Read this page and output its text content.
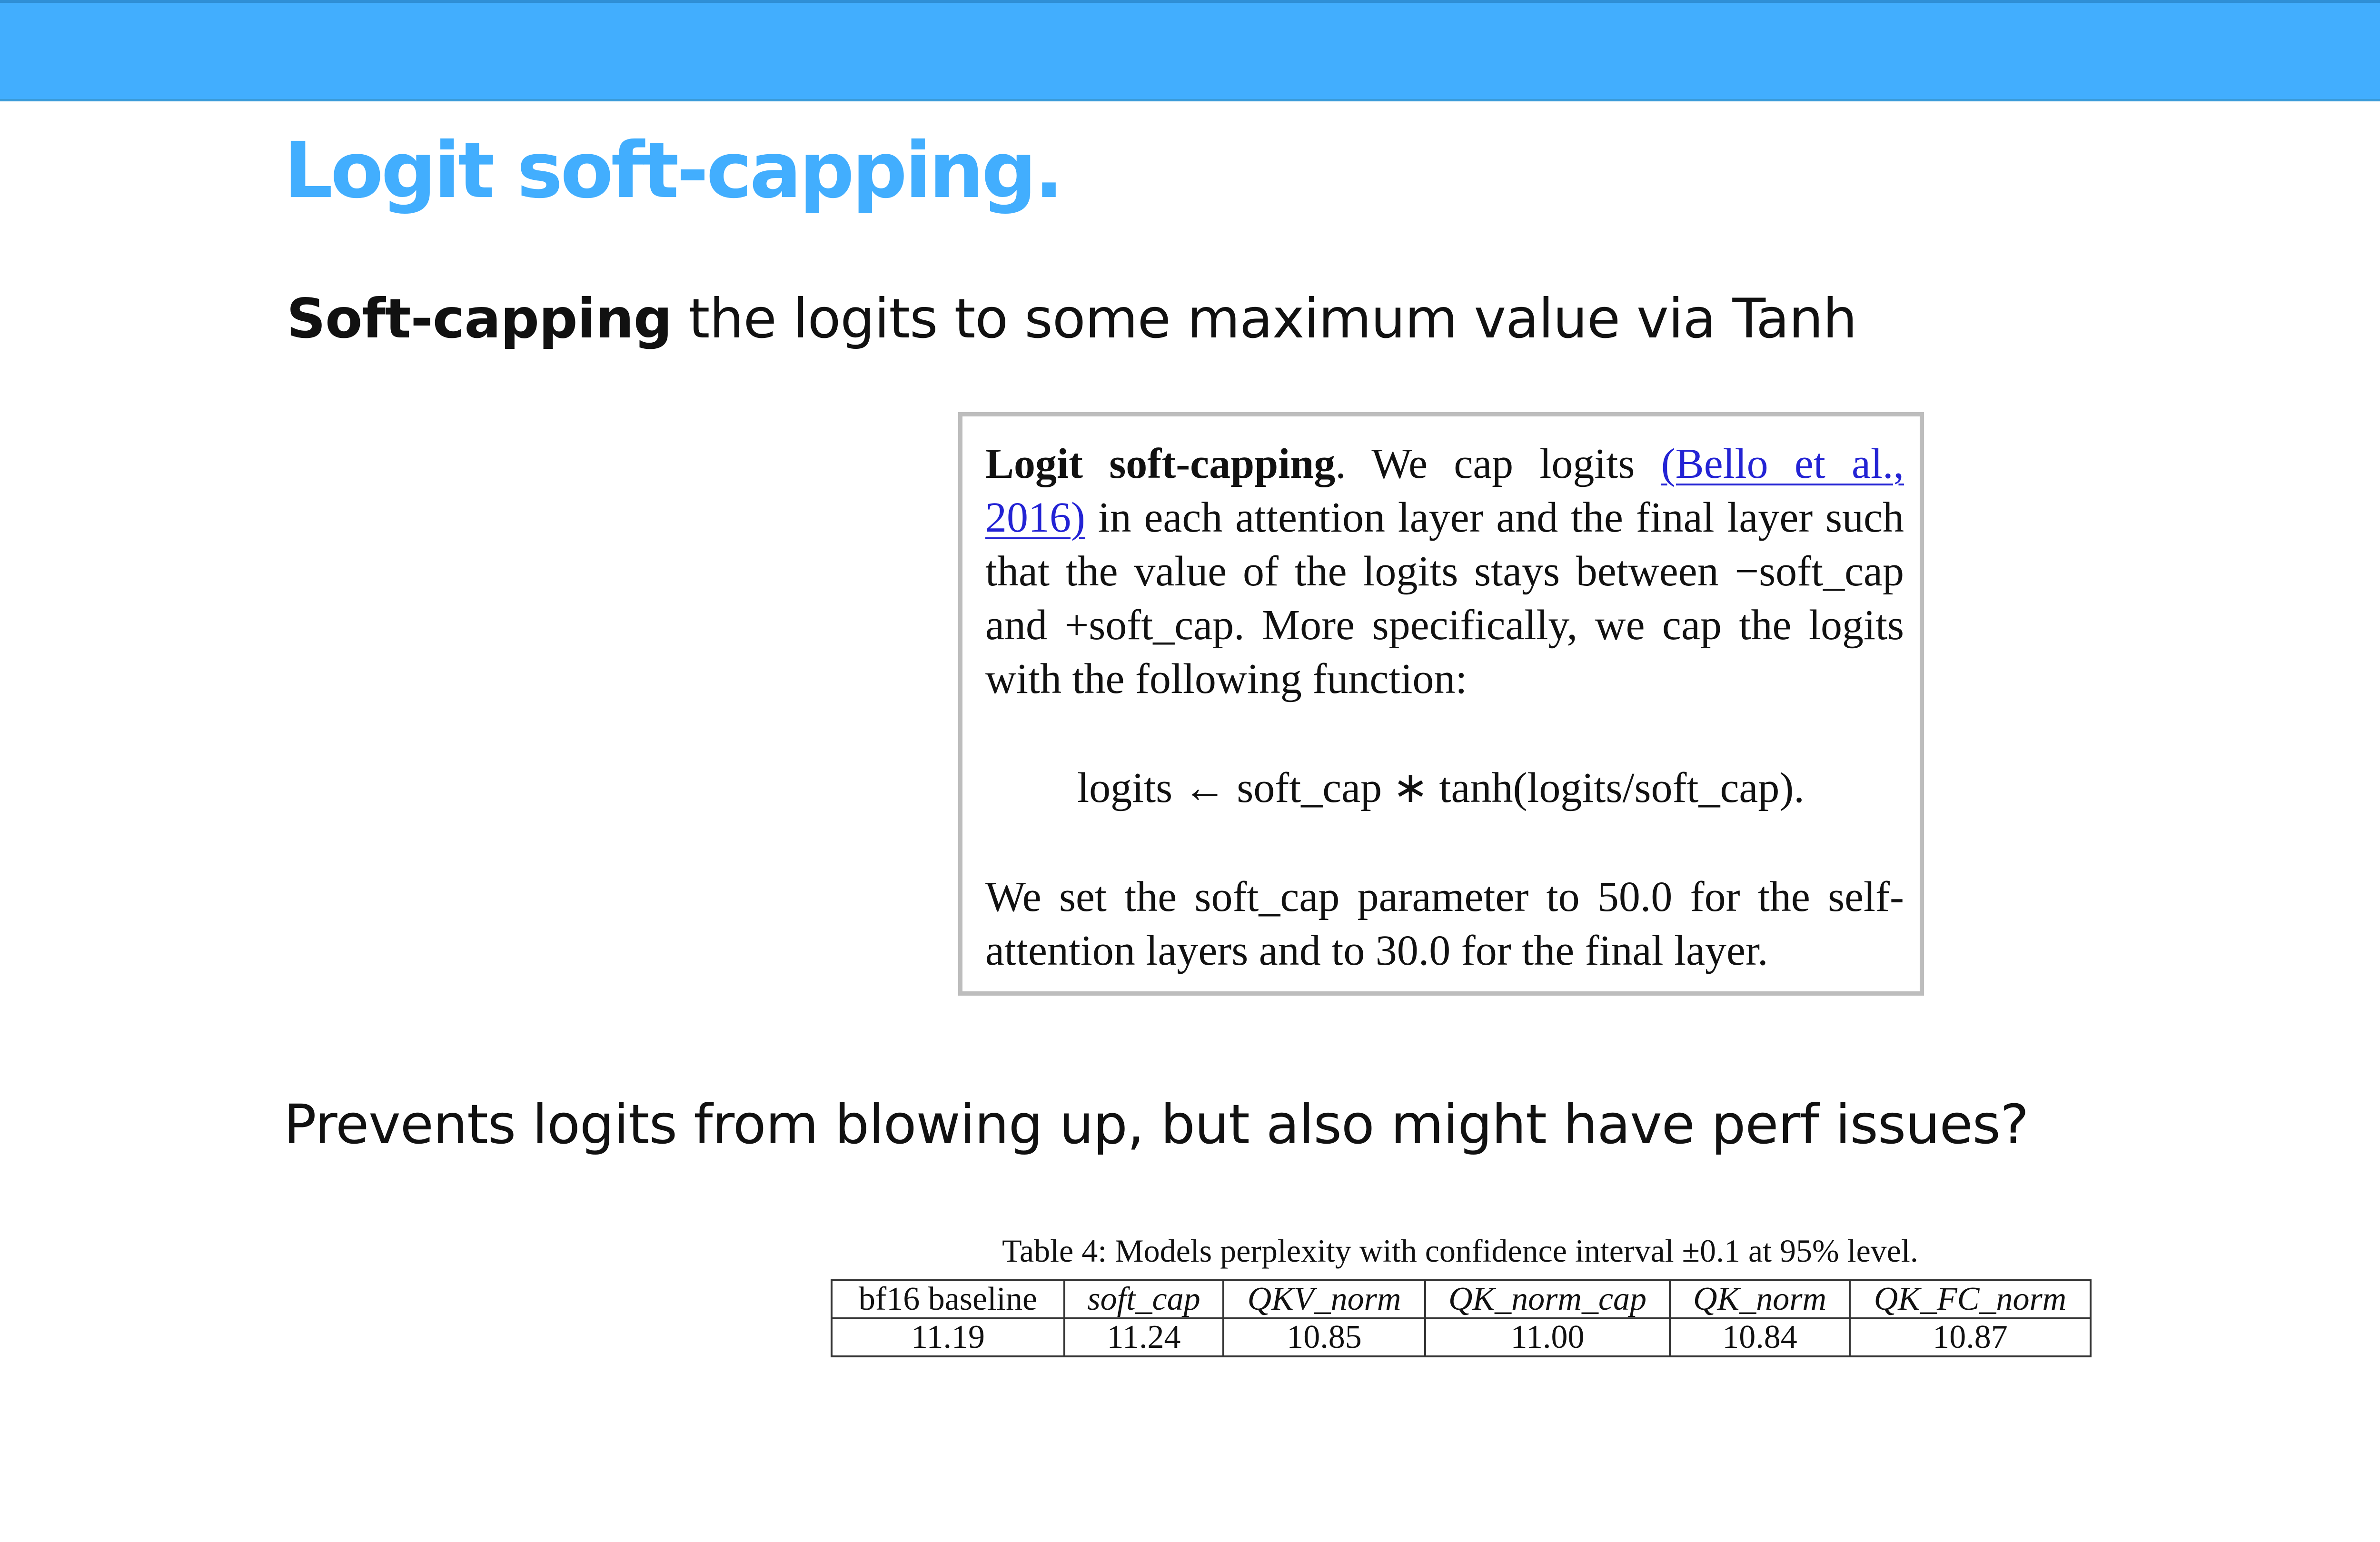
Logit soft-capping.

Soft-capping the logits to some maximum value via Tanh

Logit soft-capping. We cap logits (Bello et al., 2016) in each attention layer and the final layer such that the value of the logits stays between −soft_cap and +soft_cap. More specifically, we cap the logits with the following function:

logits ← soft_cap ∗ tanh(logits/soft_cap).

We set the soft_cap parameter to 50.0 for the self-attention layers and to 30.0 for the final layer.

Prevents logits from blowing up, but also might have perf issues?

Table 4: Models perplexity with confidence interval ±0.1 at 95% level.

bf16 baseline	soft_cap	QKV_norm	QK_norm_cap	QK_norm	QK_FC_norm
11.19	11.24	10.85	11.00	10.84	10.87
